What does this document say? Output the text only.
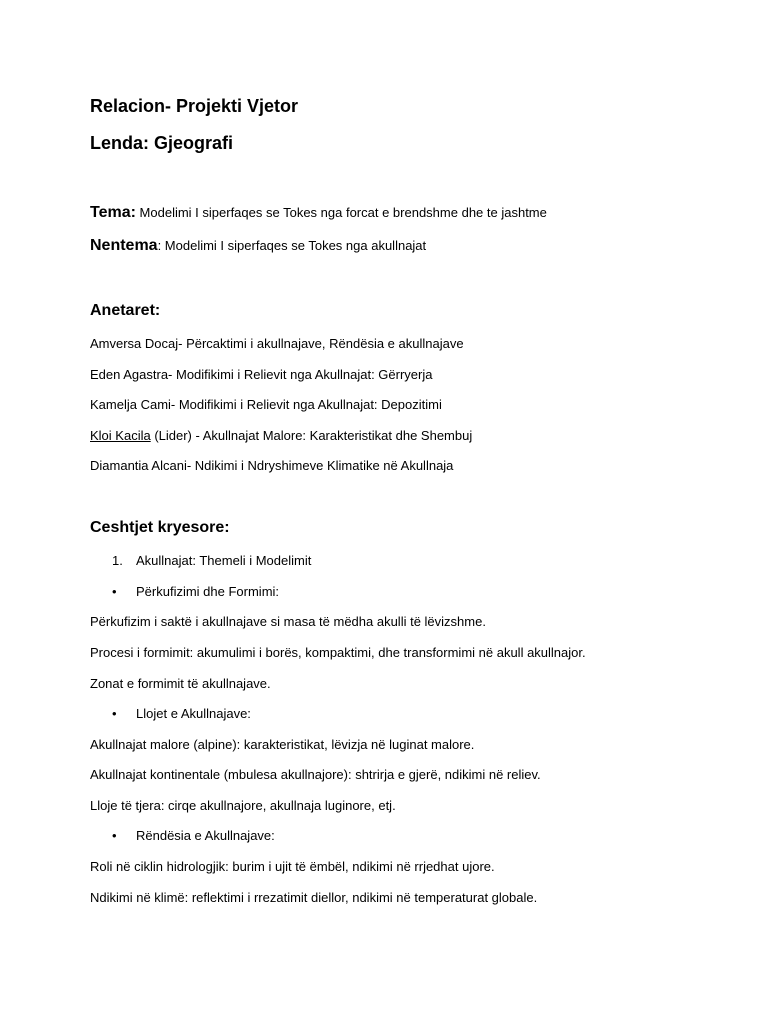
Relacion- Projekti Vjetor
Lenda: Gjeografi
Tema: Modelimi I siperfaqes se Tokes nga forcat e brendshme dhe te jashtme
Nentema: Modelimi I siperfaqes se Tokes nga akullnajat
Anetaret:
Amversa Docaj- Përcaktimi i akullnajave, Rëndësia e akullnajave
Eden Agastra- Modifikimi i Relievit nga Akullnajat: Gërryerja
Kamelja Cami- Modifikimi i Relievit nga Akullnajat: Depozitimi
Kloi Kacila (Lider) - Akullnajat Malore: Karakteristikat dhe Shembuj
Diamantia Alcani- Ndikimi i Ndryshimeve Klimatike në Akullnaja
Ceshtjet kryesore:
1. Akullnajat: Themeli i Modelimit
• Përkufizimi dhe Formimi:
Përkufizim i saktë i akullnajave si masa të mëdha akulli të lëvizshme.
Procesi i formimit: akumulimi i borës, kompaktimi, dhe transformimi në akull akullnajor.
Zonat e formimit të akullnajave.
• Llojet e Akullnajave:
Akullnajat malore (alpine): karakteristikat, lëvizja në luginat malore.
Akullnajat kontinentale (mbulesa akullnajore): shtrirja e gjerë, ndikimi në reliev.
Lloje të tjera: cirqe akullnajore, akullnaja luginore, etj.
• Rëndësia e Akullnajave:
Roli në ciklin hidrologjik: burim i ujit të ëmbël, ndikimi në rrjedhat ujore.
Ndikimi në klimë: reflektimi i rrezatimit diellor, ndikimi në temperaturat globale.
